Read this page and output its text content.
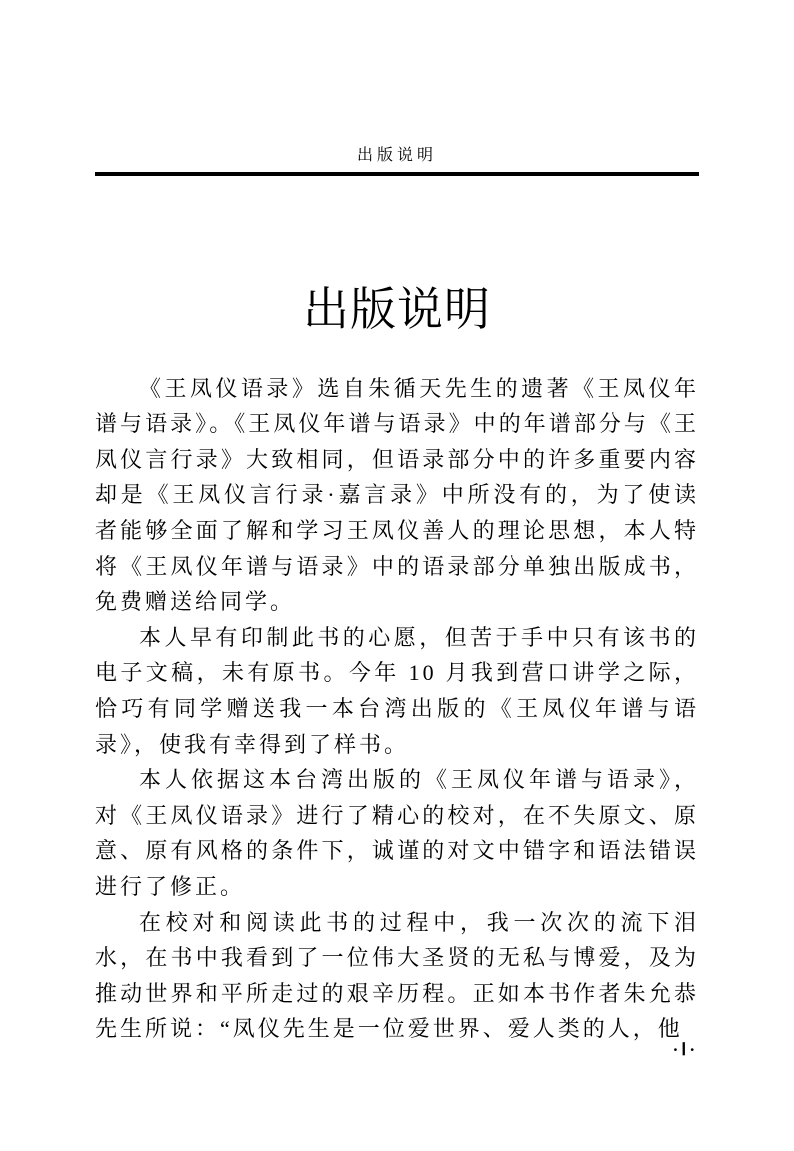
出版说明
出版说明

《王凤仪语录》选自朱循天先生的遗著《王凤仪年谱与语录》。《王凤仪年谱与语录》中的年谱部分与《王凤仪言行录》大致相同，但语录部分中的许多重要内容却是《王凤仪言行录·嘉言录》中所没有的，为了使读者能够全面了解和学习王凤仪善人的理论思想，本人特将《王凤仪年谱与语录》中的语录部分单独出版成书，免费赠送给同学。

本人早有印制此书的心愿，但苦于手中只有该书的电子文稿，未有原书。今年 10 月我到营口讲学之际，恰巧有同学赠送我一本台湾出版的《王凤仪年谱与语录》，使我有幸得到了样书。

本人依据这本台湾出版的《王凤仪年谱与语录》，对《王凤仪语录》进行了精心的校对，在不失原文、原意、原有风格的条件下，诚谨的对文中错字和语法错误进行了修正。

在校对和阅读此书的过程中，我一次次的流下泪水，在书中我看到了一位伟大圣贤的无私与博爱，及为推动世界和平所走过的艰辛历程。正如本书作者朱允恭先生所说：“凤仪先生是一位爱世界、爱人类的人，他

·Ⅰ·
